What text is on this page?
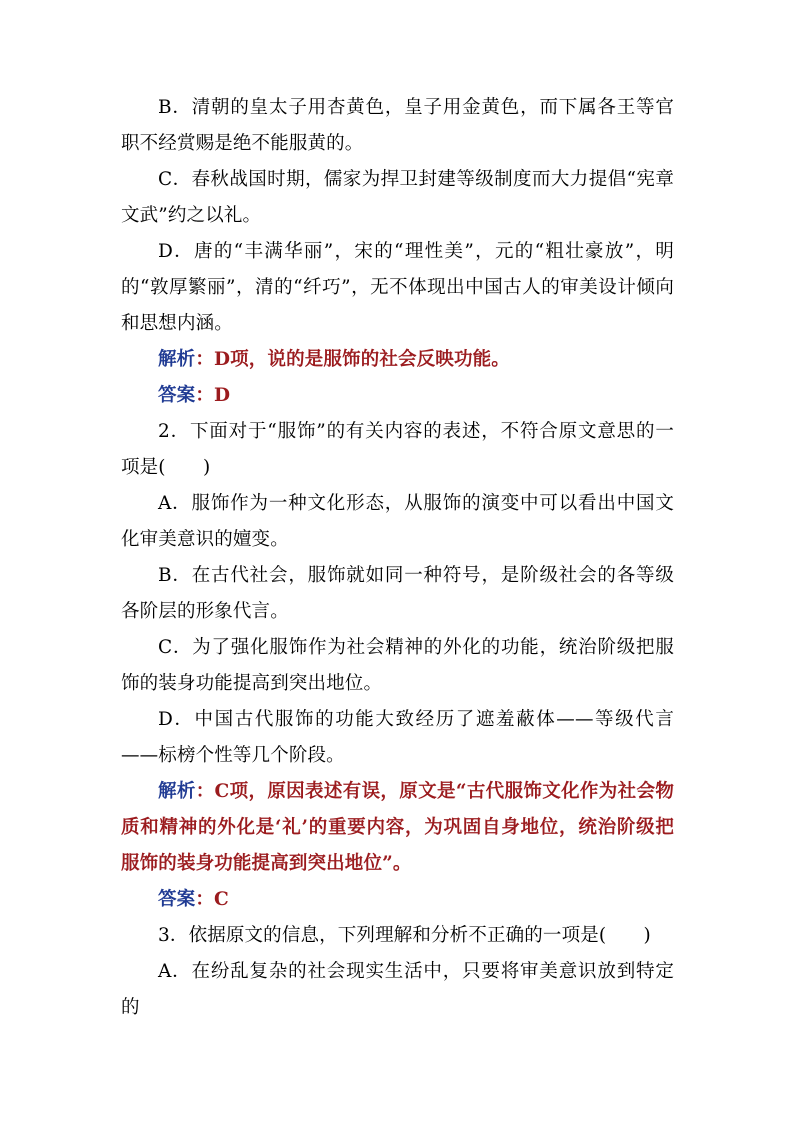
B．清朝的皇太子用杏黄色，皇子用金黄色，而下属各王等官职不经赏赐是绝不能服黄的。

C．春秋战国时期，儒家为捍卫封建等级制度而大力提倡“宪章文武”约之以礼。

D．唐的“丰满华丽”，宋的“理性美”，元的“粗壮豪放”，明的“敦厚繁丽”，清的“纤巧”，无不体现出中国古人的审美设计倾向和思想内涵。

解析：D项，说的是服饰的社会反映功能。

答案：D

2．下面对于“服饰”的有关内容的表述，不符合原文意思的一项是(　　)

A．服饰作为一种文化形态，从服饰的演变中可以看出中国文化审美意识的嬗变。

B．在古代社会，服饰就如同一种符号，是阶级社会的各等级各阶层的形象代言。

C．为了强化服饰作为社会精神的外化的功能，统治阶级把服饰的装身功能提高到突出地位。

D．中国古代服饰的功能大致经历了遮羞蔽体——等级代言——标榜个性等几个阶段。

解析：C项，原因表述有误，原文是“古代服饰文化作为社会物质和精神的外化是‘礼’的重要内容，为巩固自身地位，统治阶级把服饰的装身功能提高到突出地位”。

答案：C

3．依据原文的信息，下列理解和分析不正确的一项是(　　)

A．在纷乱复杂的社会现实生活中，只要将审美意识放到特定的
